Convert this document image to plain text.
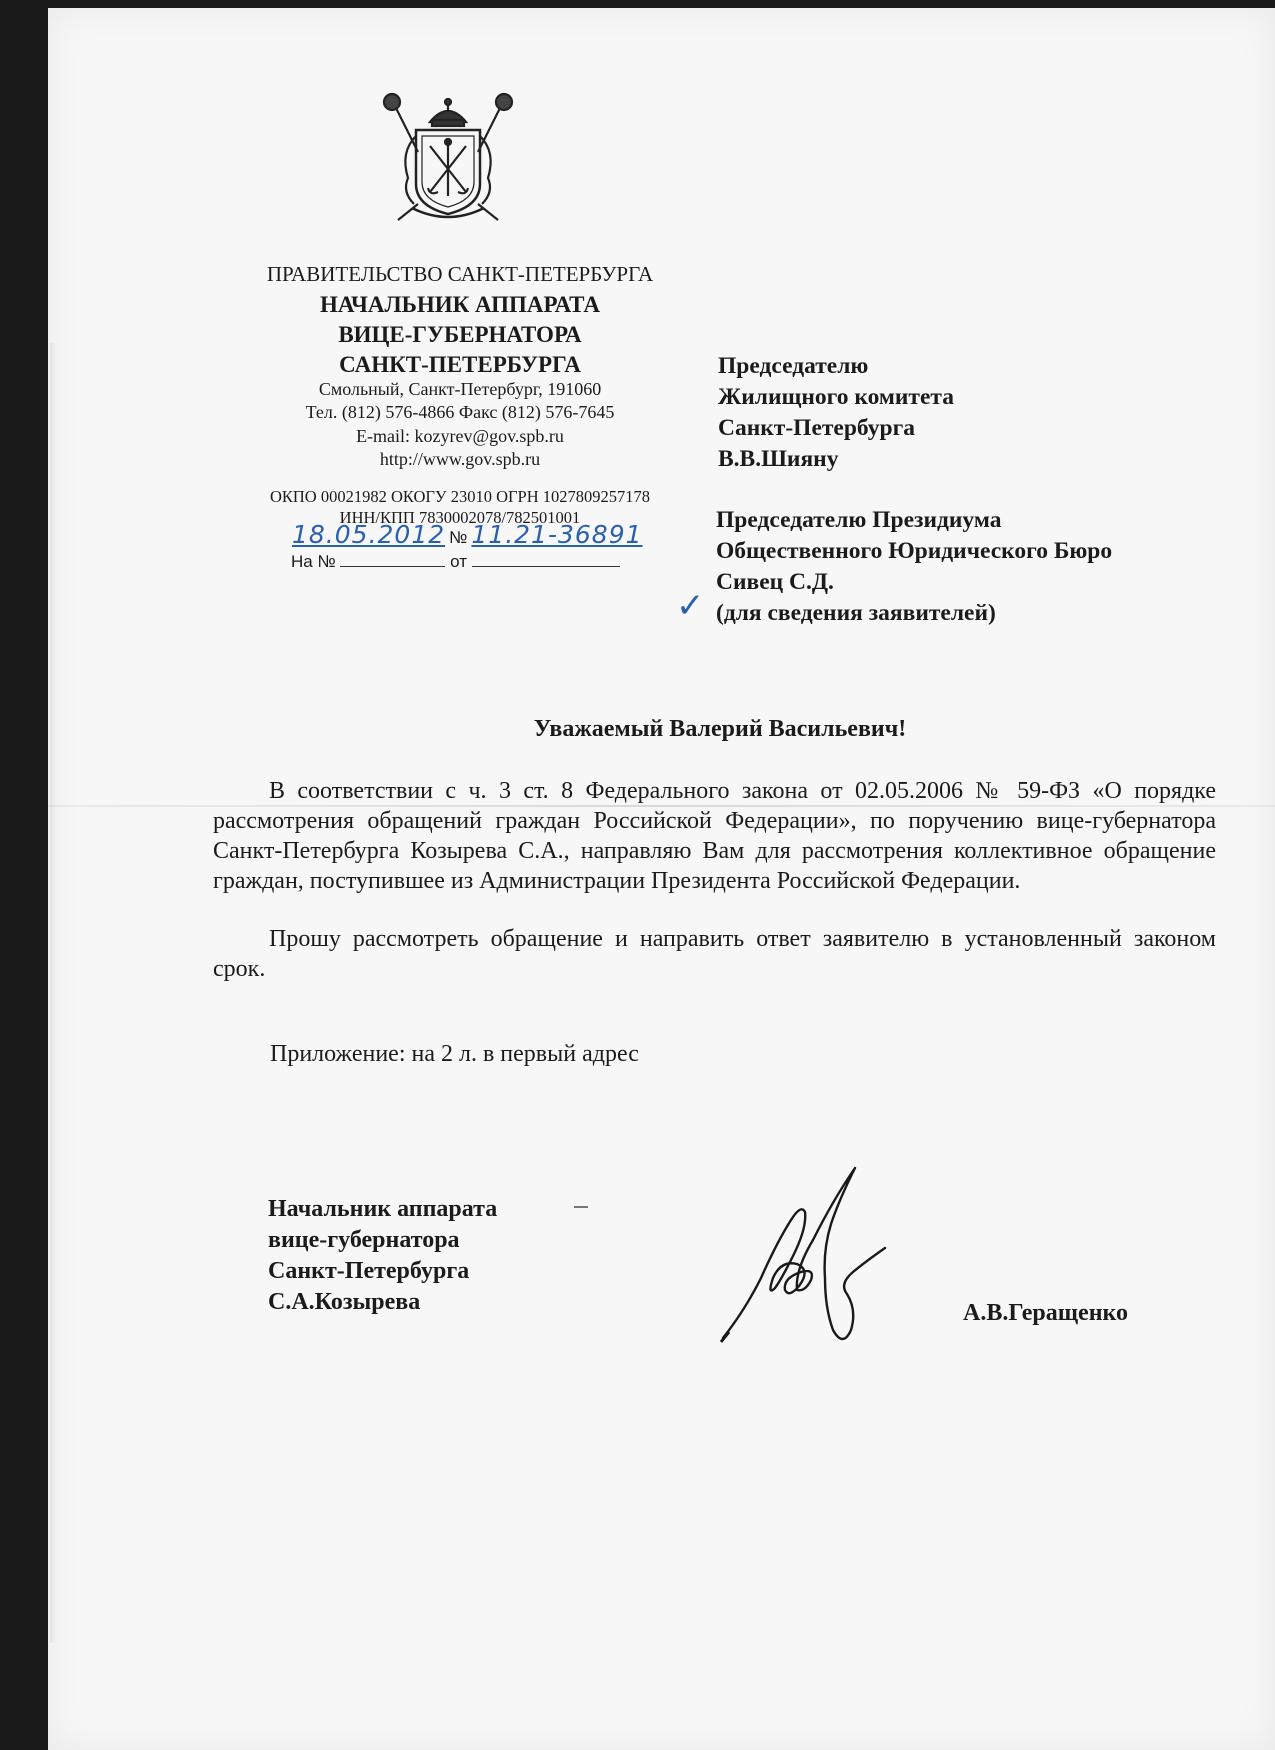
ПРАВИТЕЛЬСТВО САНКТ-ПЕТЕРБУРГА
НАЧАЛЬНИК АППАРАТА
ВИЦЕ-ГУБЕРНАТОРА
САНКТ-ПЕТЕРБУРГА
Смольный, Санкт-Петербург, 191060
Тел. (812) 576-4866 Факс (812) 576-7645
E-mail: kozyrev@gov.spb.ru
http://www.gov.spb.ru
ОКПО 00021982 ОКОГУ 23010 ОГРН 1027809257178
ИНН/КПП 7830002078/782501001
18.05.2012 № 11.21-36891
На №	от
Председателю
Жилищного комитета
Санкт-Петербурга
В.В.Шияну
Председателю Президиума
Общественного Юридического Бюро
Сивец С.Д.
(для сведения заявителей)
✓
Уважаемый Валерий Васильевич!
В соответствии с ч. 3 ст. 8 Федерального закона от 02.05.2006 № 59-ФЗ «О порядке рассмотрения обращений граждан Российской Федерации», по поручению вице-губернатора Санкт-Петербурга Козырева С.А., направляю Вам для рассмотрения коллективное обращение граждан, поступившее из Администрации Президента Российской Федерации.
Прошу рассмотреть обращение и направить ответ заявителю в установленный законом срок.
Приложение: на 2 л. в первый адрес
Начальник аппарата
вице-губернатора
Санкт-Петербурга
С.А.Козырева	А.В.Геращенко
